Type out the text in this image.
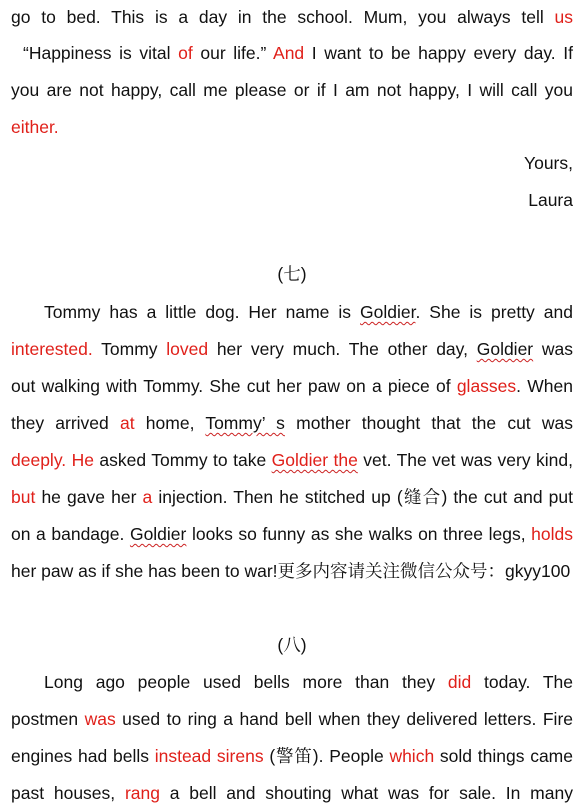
go to bed. This is a day in the school. Mum, you always tell us
“Happiness is vital of our life.” And I want to be happy every day. If
you are not happy, call me please or if I am not happy, I will call you
either.
Yours,
Laura
(七)
Tommy has a little dog. Her name is Goldier. She is pretty and
interested. Tommy loved her very much. The other day, Goldier was
out walking with Tommy. She cut her paw on a piece of glasses. When
they arrived at home, Tommy’ s mother thought that the cut was
deeply. He asked Tommy to take Goldier the vet. The vet was very kind,
but he gave her a injection. Then he stitched up (缝合) the cut and put
on a bandage. Goldier looks so funny as she walks on three legs, holds
her paw as if she has been to war!更多内容请关注微信公众号：gkyy100
(八)
Long ago people used bells more than they did today. The
postmen was used to ring a hand bell when they delivered letters. Fire
engines had bells instead sirens (警笛). People which sold things came
past houses, rang a bell and shouting what was for sale. In many
